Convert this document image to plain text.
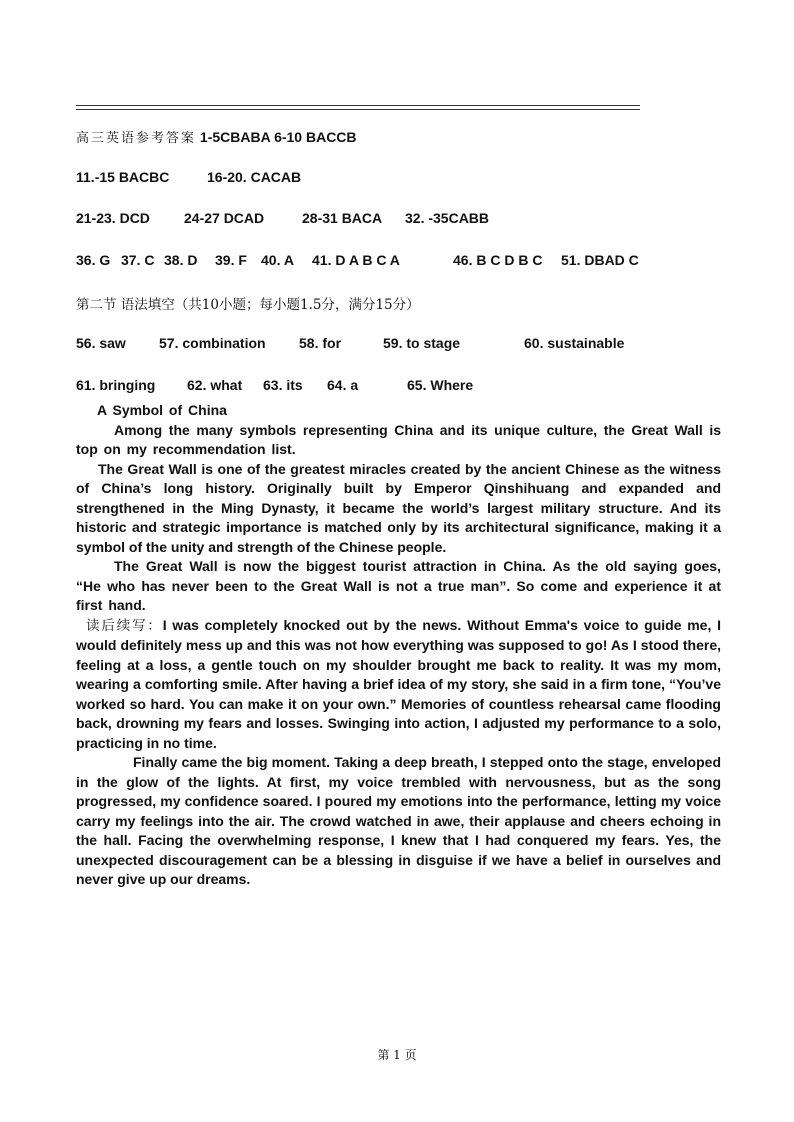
高三英语参考答案 1-5CBABA 6-10 BACCB
11.-15 BACBC	16-20. CACAB
21-23. DCD 24-27 DCAD	28-31 BACA 32. -35CABB
36. G 37. C 38. D 39. F 40. A 41. D A B C A	46. B C D B C 51. DBAD C
第二节 语法填空（共10小题；每小题1.5分，满分15分）
56. saw 57. combination 58. for	59. to stage	60. sustainable
61. bringing 62. what 63. its 64. a	65. Where

A Symbol of China

Among the many symbols representing China and its unique culture, the Great Wall is top on my recommendation list.

The Great Wall is one of the greatest miracles created by the ancient Chinese as the witness of China’s long history. Originally built by Emperor Qinshihuang and expanded and strengthened in the Ming Dynasty, it became the world’s largest military structure. And its historic and strategic importance is matched only by its architectural significance, making it a symbol of the unity and strength of the Chinese people.

The Great Wall is now the biggest tourist attraction in China. As the old saying goes, “He who has never been to the Great Wall is not a true man”. So come and experience it at first hand.

读后续写：I was completely knocked out by the news. Without Emma's voice to guide me, I would definitely mess up and this was not how everything was supposed to go! As I stood there, feeling at a loss, a gentle touch on my shoulder brought me back to reality. It was my mom, wearing a comforting smile. After having a brief idea of my story, she said in a firm tone, “You’ve worked so hard. You can make it on your own.” Memories of countless rehearsal came flooding back, drowning my fears and losses. Swinging into action, I adjusted my performance to a solo, practicing in no time.

Finally came the big moment. Taking a deep breath, I stepped onto the stage, enveloped in the glow of the lights. At first, my voice trembled with nervousness, but as the song progressed, my confidence soared. I poured my emotions into the performance, letting my voice carry my feelings into the air. The crowd watched in awe, their applause and cheers echoing in the hall. Facing the overwhelming response, I knew that I had conquered my fears. Yes, the unexpected discouragement can be a blessing in disguise if we have a belief in ourselves and never give up our dreams.

第 1 页
